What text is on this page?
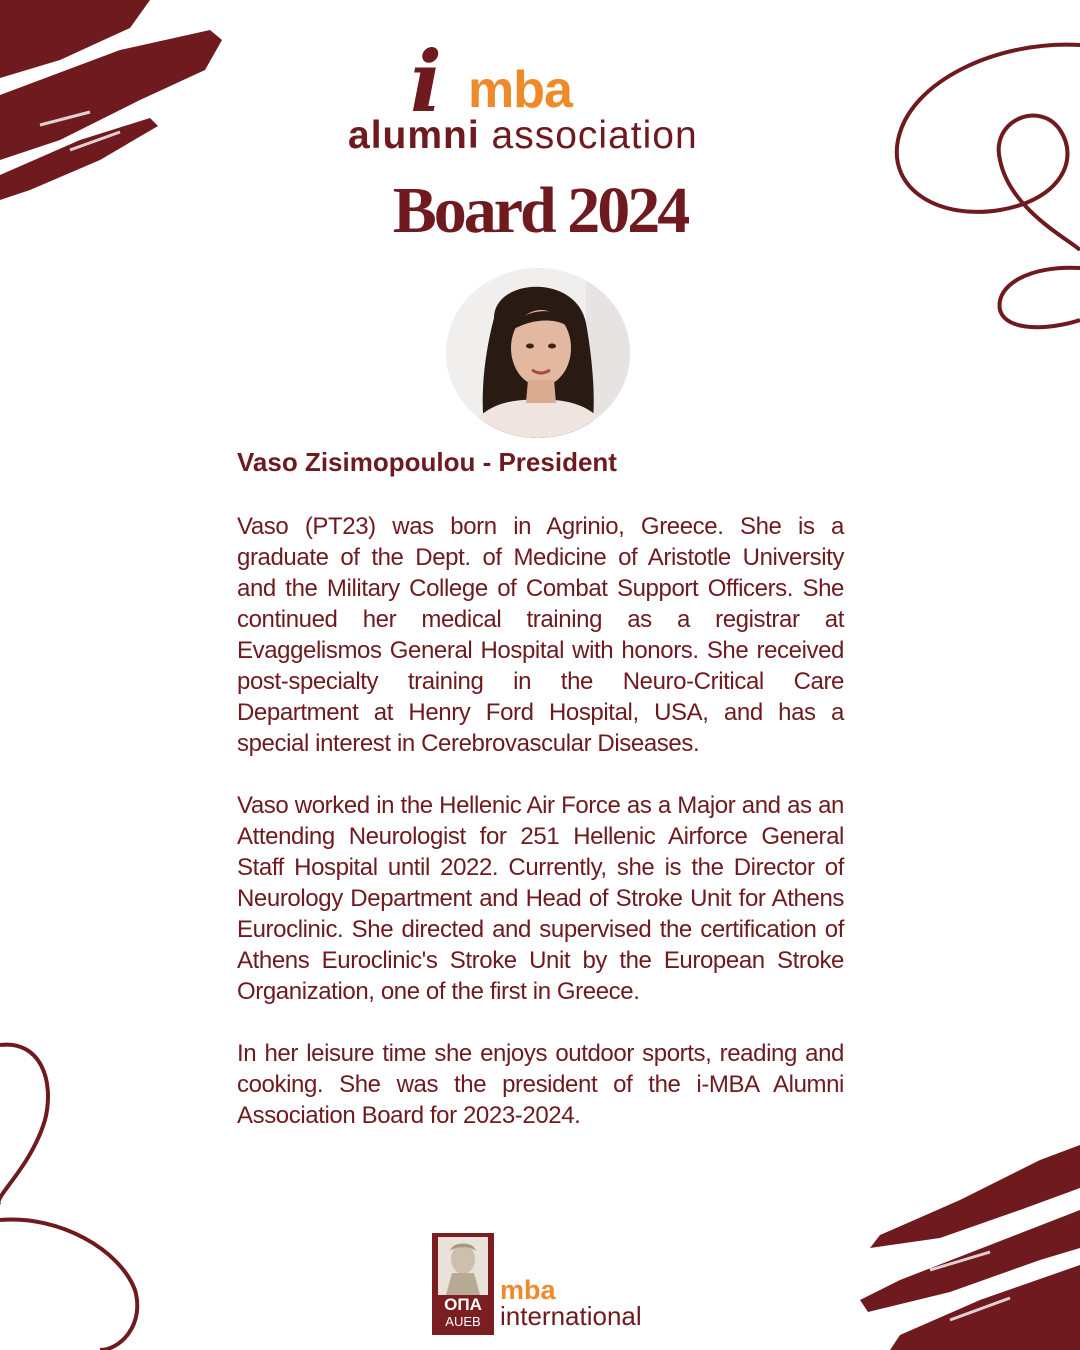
i mba
alumni association
Board 2024
Vaso Zisimopoulou - President

Vaso (PT23) was born in Agrinio, Greece. She is a graduate of the Dept. of Medicine of Aristotle University and the Military College of Combat Support Officers. She continued her medical training as a registrar at Evaggelismos General Hospital with honors. She received post-specialty training in the Neuro-Critical Care Department at Henry Ford Hospital, USA, and has a special interest in Cerebrovascular Diseases.

Vaso worked in the Hellenic Air Force as a Major and as an Attending Neurologist for 251 Hellenic Airforce General Staff Hospital until 2022. Currently, she is the Director of Neurology Department and Head of Stroke Unit for Athens Euroclinic. She directed and supervised the certification of Athens Euroclinic's Stroke Unit by the European Stroke Organization, one of the first in Greece.

In her leisure time she enjoys outdoor sports, reading and cooking. She was the president of the i-MBA Alumni Association Board for 2023-2024.

ΟΠΑ
AUEB
mba
international
